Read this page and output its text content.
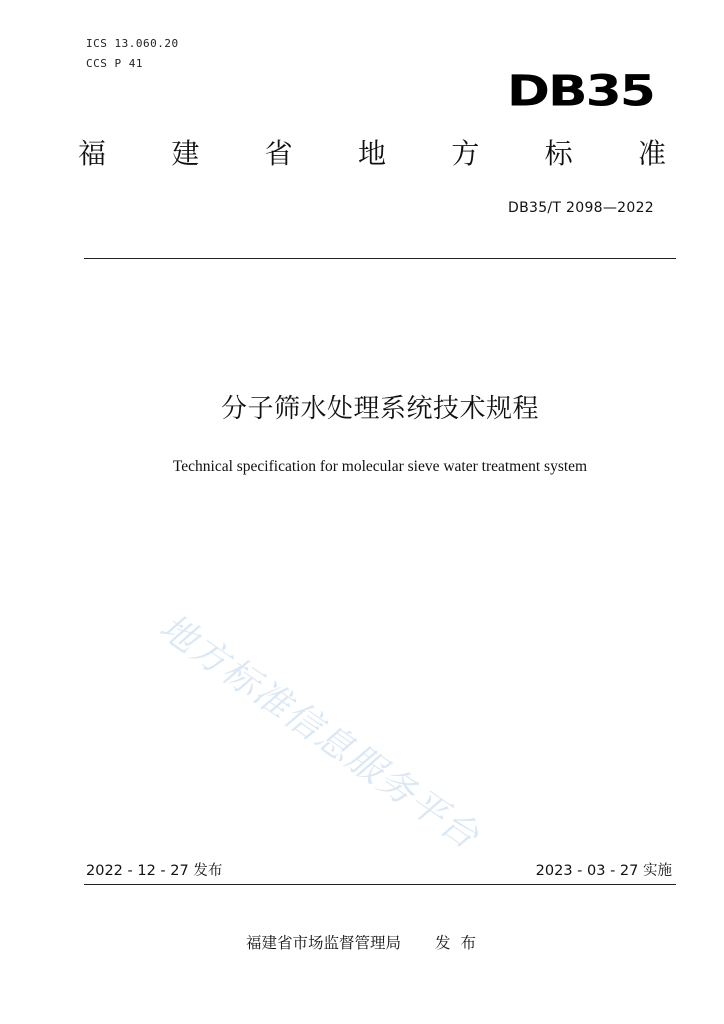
ICS 13.060.20
CCS P 41
DB35
福 建 省 地 方 标 准
DB35/T 2098—2022
分子筛水处理系统技术规程
Technical specification for molecular sieve water treatment system
地方标准信息服务平台
2022 - 12 - 27 发布	2023 - 03 - 27 实施
福建省市场监督管理局 发布
